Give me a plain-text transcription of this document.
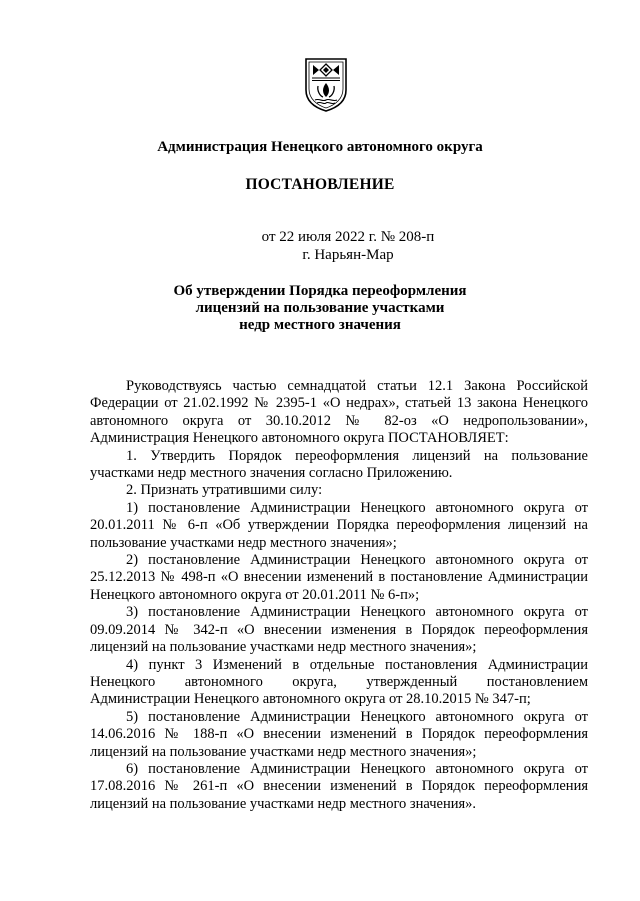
Администрация Ненецкого автономного округа
ПОСТАНОВЛЕНИЕ
от 22 июля 2022 г. № 208-п
г. Нарьян-Мар
Об утверждении Порядка переоформления
лицензий на пользование участками
недр местного значения

Руководствуясь частью семнадцатой статьи 12.1 Закона Российской Федерации от 21.02.1992 № 2395-1 «О недрах», статьей 13 закона Ненецкого автономного округа от 30.10.2012 № 82-оз «О недропользовании», Администрация Ненецкого автономного округа ПОСТАНОВЛЯЕТ:

1. Утвердить Порядок переоформления лицензий на пользование участками недр местного значения согласно Приложению.

2. Признать утратившими силу:

1) постановление Администрации Ненецкого автономного округа от 20.01.2011 № 6-п «Об утверждении Порядка переоформления лицензий на пользование участками недр местного значения»;

2) постановление Администрации Ненецкого автономного округа от 25.12.2013 № 498-п «О внесении изменений в постановление Администрации Ненецкого автономного округа от 20.01.2011 № 6-п»;

3) постановление Администрации Ненецкого автономного округа от 09.09.2014 № 342-п «О внесении изменения в Порядок переоформления лицензий на пользование участками недр местного значения»;

4) пункт 3 Изменений в отдельные постановления Администрации Ненецкого автономного округа, утвержденный постановлением Администрации Ненецкого автономного округа от 28.10.2015 № 347-п;

5) постановление Администрации Ненецкого автономного округа от 14.06.2016 № 188-п «О внесении изменений в Порядок переоформления лицензий на пользование участками недр местного значения»;

6) постановление Администрации Ненецкого автономного округа от 17.08.2016 № 261-п «О внесении изменений в Порядок переоформления лицензий на пользование участками недр местного значения».
